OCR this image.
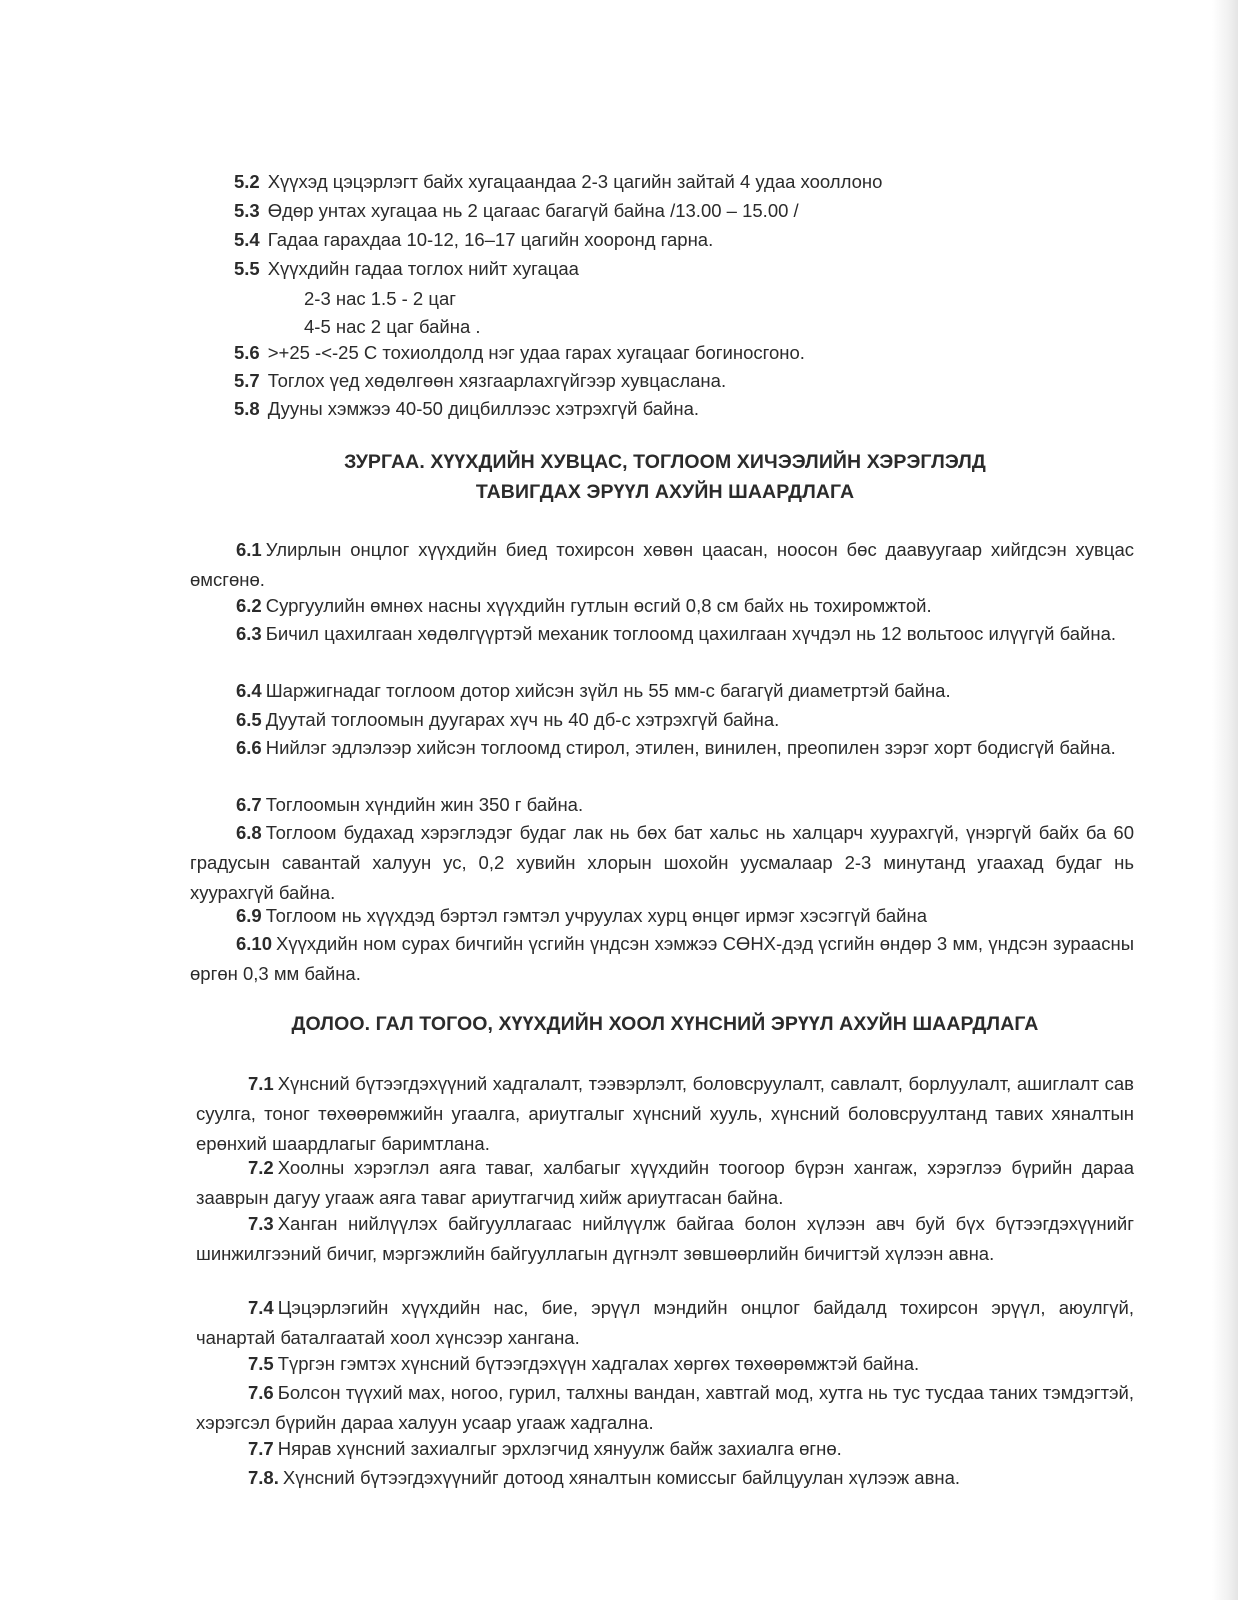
5.2 Хүүхэд цэцэрлэгт байх хугацаандаа 2-3 цагийн зайтай 4 удаа хооллоно
5.3 Өдөр унтах хугацаа нь 2 цагаас багагүй байна /13.00 – 15.00 /
5.4 Гадаа гарахдаа 10-12, 16–17 цагийн хооронд гарна.
5.5 Хүүхдийн гадаа тоглох нийт хугацаа
2-3 нас 1.5 - 2 цаг
4-5 нас 2 цаг байна .
5.6 >+25 -<-25 С тохиолдолд нэг удаа гарах хугацааг богиносгоно.
5.7 Тоглох үед хөдөлгөөн хязгаарлахгүйгээр хувцаслана.
5.8 Дууны хэмжээ 40-50 дицбиллээс хэтрэхгүй байна.
ЗУРГАА. ХҮҮХДИЙН ХУВЦАС, ТОГЛООМ ХИЧЭЭЛИЙН ХЭРЭГЛЭЛД
ТАВИГДАХ ЭРҮҮЛ АХУЙН ШААРДЛАГА

6.1 Улирлын онцлог хүүхдийн биед тохирсон хөвөн цаасан, ноосон бөс даавуугаар хийгдсэн хувцас өмсгөнө.

6.2 Сургуулийн өмнөх насны хүүхдийн гутлын өсгий 0,8 см байх нь тохиромжтой.

6.3 Бичил цахилгаан хөдөлгүүртэй механик тоглоомд цахилгаан хүчдэл нь 12 вольтоос илүүгүй байна.

6.4 Шаржигнадаг тоглоом дотор хийсэн зүйл нь 55 мм-с багагүй диаметртэй байна.

6.5 Дуутай тоглоомын дуугарах хүч нь 40 дб-с хэтрэхгүй байна.

6.6 Нийлэг эдлэлээр хийсэн тоглоомд стирол, этилен, винилен, преопилен зэрэг хорт бодисгүй байна.

6.7 Тоглоомын хүндийн жин 350 г байна.

6.8 Тоглоом будахад хэрэглэдэг будаг лак нь бөх бат хальс нь халцарч хуурахгүй, үнэргүй байх ба 60 градусын савантай халуун ус, 0,2 хувийн хлорын шохойн уусмалаар 2-3 минутанд угаахад будаг нь хуурахгүй байна.

6.9 Тоглоом нь хүүхдэд бэртэл гэмтэл учруулах хурц өнцөг ирмэг хэсэггүй байна

6.10 Хүүхдийн ном сурах бичгийн үсгийн үндсэн хэмжээ СӨНХ-дэд үсгийн өндөр 3 мм, үндсэн зураасны өргөн 0,3 мм байна.

ДОЛОО. ГАЛ ТОГОО, ХҮҮХДИЙН ХООЛ ХҮНСНИЙ ЭРҮҮЛ АХУЙН ШААРДЛАГА

7.1 Хүнсний бүтээгдэхүүний хадгалалт, тээвэрлэлт, боловсруулалт, савлалт, борлуулалт, ашиглалт сав суулга, тоног төхөөрөмжийн угаалга, ариутгалыг хүнсний хууль, хүнсний боловсруултанд тавих хяналтын ерөнхий шаардлагыг баримтлана.

7.2 Хоолны хэрэглэл аяга таваг, халбагыг хүүхдийн тоогоор бүрэн хангаж, хэрэглээ бүрийн дараа зааврын дагуу угааж аяга таваг ариутгагчид хийж ариутгасан байна.

7.3 Ханган нийлүүлэх байгууллагаас нийлүүлж байгаа болон хүлээн авч буй бүх бүтээгдэхүүнийг шинжилгээний бичиг, мэргэжлийн байгууллагын дүгнэлт зөвшөөрлийн бичигтэй хүлээн авна.

7.4 Цэцэрлэгийн хүүхдийн нас, бие, эрүүл мэндийн онцлог байдалд тохирсон эрүүл, аюулгүй, чанартай баталгаатай хоол хүнсээр хангана.

7.5 Түргэн гэмтэх хүнсний бүтээгдэхүүн хадгалах хөргөх төхөөрөмжтэй байна.

7.6 Болсон түүхий мах, ногоо, гурил, талхны вандан, хавтгай мод, хутга нь тус тусдаа таних тэмдэгтэй, хэрэгсэл бүрийн дараа халуун усаар угааж хадгална.

7.7 Нярав хүнсний захиалгыг эрхлэгчид хянуулж байж захиалга өгнө.

7.8. Хүнсний бүтээгдэхүүнийг дотоод хяналтын комиссыг байлцуулан хүлээж авна.
